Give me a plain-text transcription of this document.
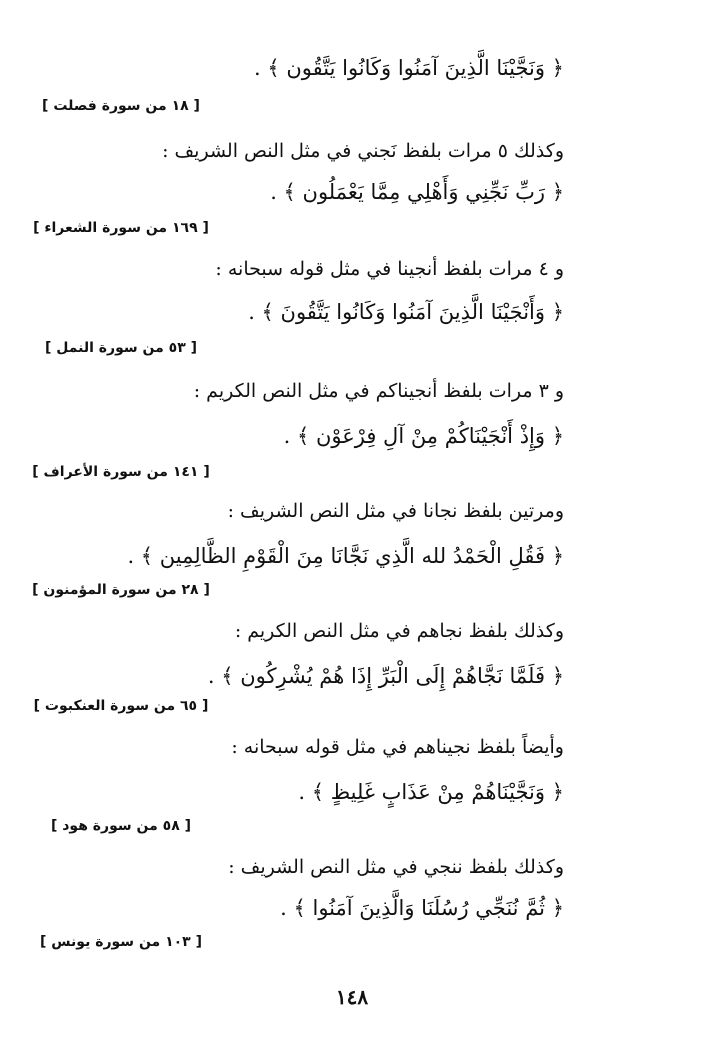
﴿ وَنَجَّيْنَا الَّذِينَ آمَنُوا وَكَانُوا يَتَّقُون ﴾ .
[ ١٨ من سورة فصلت ]
وكذلك ٥ مرات بلفظ نَجني في مثل النص الشريف :
﴿ رَبِّ نَجِّنِي وَأَهْلِي مِمَّا يَعْمَلُون ﴾ .
[ ١٦٩ من سورة الشعراء ]
و ٤ مرات بلفظ أنجينا في مثل قوله سبحانه :
﴿ وَأَنْجَيْنَا الَّذِينَ آمَنُوا وَكَانُوا يَتَّقُونَ ﴾ .
[ ٥٣ من سورة النمل ]
و ٣ مرات بلفظ أنجيناكم في مثل النص الكريم :
﴿ وَإِذْ أَنْجَيْنَاكُمْ مِنْ آلِ فِرْعَوْن ﴾ .
[ ١٤١ من سورة الأعراف ]
ومرتين بلفظ نجانا في مثل النص الشريف :
﴿ فَقُلِ الْحَمْدُ لله الَّذِي نَجَّانَا مِنَ الْقَوْمِ الظَّالِمِين ﴾ .
[ ٢٨ من سورة المؤمنون ]
وكذلك بلفظ نجاهم في مثل النص الكريم :
﴿ فَلَمَّا نَجَّاهُمْ إِلَى الْبَرِّ إِذَا هُمْ يُشْرِكُون ﴾ .
[ ٦٥ من سورة العنكبوت ]
وأيضاً بلفظ نجيناهم في مثل قوله سبحانه :
﴿ وَنَجَّيْنَاهُمْ مِنْ عَذَابٍ غَلِيظٍ ﴾ .
[ ٥٨ من سورة هود ]
وكذلك بلفظ ننجي في مثل النص الشريف :
﴿ ثُمَّ نُنَجِّي رُسُلَنَا وَالَّذِينَ آمَنُوا ﴾ .
[ ١٠٣ من سورة يونس ]
١٤٨
